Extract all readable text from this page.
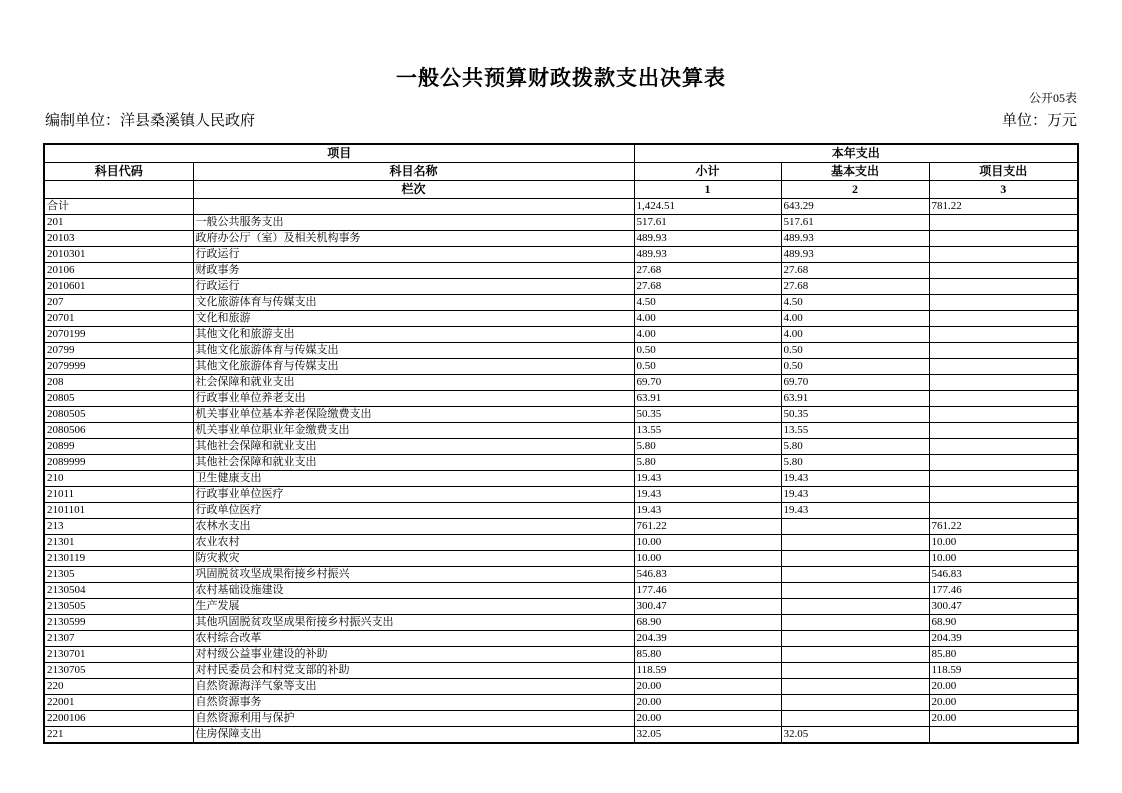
一般公共预算财政拨款支出决算表
公开05表
编制单位：洋县桑溪镇人民政府	单位：万元
项目		本年支出		
科目代码	科目名称	小计	基本支出	项目支出
	栏次	1	2	3
合计		1,424.51	643.29	781.22
201	一般公共服务支出	517.61	517.61	
20103	政府办公厅（室）及相关机构事务	489.93	489.93	
2010301	行政运行	489.93	489.93	
20106	财政事务	27.68	27.68	
2010601	行政运行	27.68	27.68	
207	文化旅游体育与传媒支出	4.50	4.50	
20701	文化和旅游	4.00	4.00	
2070199	其他文化和旅游支出	4.00	4.00	
20799	其他文化旅游体育与传媒支出	0.50	0.50	
2079999	其他文化旅游体育与传媒支出	0.50	0.50	
208	社会保障和就业支出	69.70	69.70	
20805	行政事业单位养老支出	63.91	63.91	
2080505	机关事业单位基本养老保险缴费支出	50.35	50.35	
2080506	机关事业单位职业年金缴费支出	13.55	13.55	
20899	其他社会保障和就业支出	5.80	5.80	
2089999	其他社会保障和就业支出	5.80	5.80	
210	卫生健康支出	19.43	19.43	
21011	行政事业单位医疗	19.43	19.43	
2101101	行政单位医疗	19.43	19.43	
213	农林水支出	761.22		761.22
21301	农业农村	10.00		10.00
2130119	防灾救灾	10.00		10.00
21305	巩固脱贫攻坚成果衔接乡村振兴	546.83		546.83
2130504	农村基础设施建设	177.46		177.46
2130505	生产发展	300.47		300.47
2130599	其他巩固脱贫攻坚成果衔接乡村振兴支出	68.90		68.90
21307	农村综合改革	204.39		204.39
2130701	对村级公益事业建设的补助	85.80		85.80
2130705	对村民委员会和村党支部的补助	118.59		118.59
220	自然资源海洋气象等支出	20.00		20.00
22001	自然资源事务	20.00		20.00
2200106	自然资源利用与保护	20.00		20.00
221	住房保障支出	32.05	32.05	
